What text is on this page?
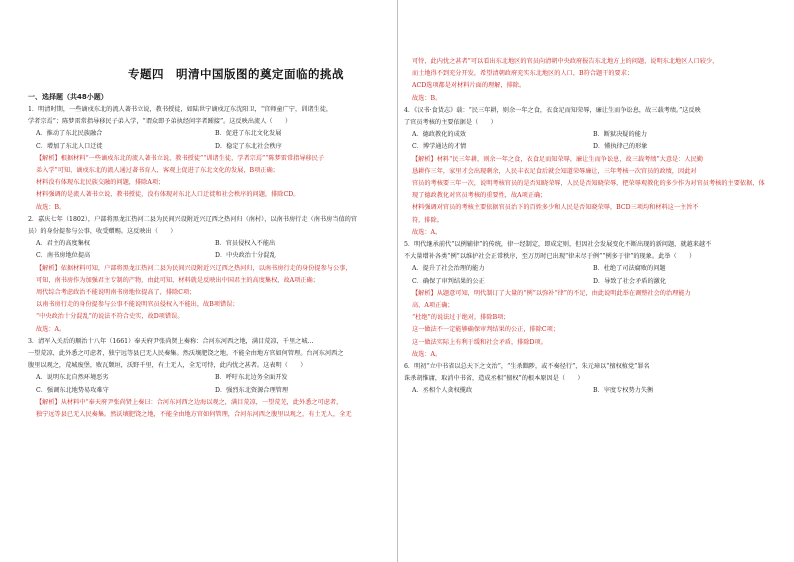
专题四　明清中国版图的奠定面临的挑战
一、选择题（共48小题）
1．明清时期，一些谪戍东北的流人著书立说，教书授徒，如陆世宁谪戍辽东沈阳卫，“宫师童广宁，训诸生徒，
学者宗焉”；陈梦雷常指导移民子弟入学，“谓众即予弟执经问字者踵接”。这反映出流人（　　）
A．推动了东北民族融合	B．促进了东北文化发展
C．增加了东北人口迁徙	D．稳定了东北社会秩序
【解析】根据材料“一些谪戍东北的流人著书立说，教书授徒”“训诸生徒，学者宗焉”“陈梦雷常指导移民子
弟入学”可知，谪戍东北的流人通过著书育人，客观上促进了东北文化的发展，B项正确；
材料没有体现东北民族交融的问题，排除A项；
材料强调的是流人著书立说、教书授徒，没有体现对东北人口迁徙和社会秩序的问题，排除CD。
故选：B。
2．嘉庆七年（1802），户部将黑龙江热河二县为民间兴设附近兴辽西之热河归（南村），以南书房行走（南书房当值的官
员）的身份提参与公事，收受赠赐。这反映出（　　）
A．君主的高度集权	B．官员侵权入不能出
C．南书房地位提高	D．中央政治十分混乱
【解析】依据材料可知，户部将黑龙江热河二县为民间兴设附近兴辽西之热河归，以南书房行走的身份提参与公事，
可知，南书房作为加强君主专制的产物，由此可知，材料就是反映出中国君主的高度集权，故A项正确；
周代综合考虑政治不能说明南书房地位提高了，排除C项；
以南书房行走的身份提参与公事不能说明官员侵权入不能出，故B项错误；
“中央政治十分混乱”的说法不符合史实，故D项错误。
故选：A。
3．清军入关后的顺治十八年（1661）奉天府尹张尚贤上奏称：合河东河西之地，满目荒凉，千里之城...
一望荒凉，此外悉之可虑者，独宁远等县已无人民奏集。然沃壤肥饶之地，不能全由地方官如何管理。台河东河西之
腹里以观之，荒城废堡，败瓦颓垣，沃野千里，有土无人，全无可恃，此内忧之甚者。这表明（　　）
A．说明东北自然环境恶劣	B．呼吁东北边务全面开发
C．强调东北地势易攻难守	D．强烈东北资源合理管理
【解析】从材料中“奉天府尹张尚贤上奏曰：合河东河西之边海以观之，满目荒凉，一望荒芜，此外悉之可虑者，
独宁远等县已无人民奏集。然沃壤肥饶之地，不能全由地方官如何管理，合河东河西之腹里以观之，有土无人，全无
可恃，此内忧之甚者”可以看出东北地区的官员向清朝中央政府报告东北地方上的问题，说明东北地区人口较少，
而土地得不到充分开发，希望清朝政府充实东北地区的人口，B符合题干的要求；
ACD选项都是对材料片面的理解，排除。
故选：B。
4．《汉书·食货志》载：“民三年耕，则余一年之食，衣食足而知荣辱，廉让生而争讼息，故三载考绩。”这反映
了官员考核的主要依据是（　　）
A．德政教化的成效	B．断狱决疑的能力
C．博学通达的才情	D．懂执律己的形象
【解析】材料“民三年耕，则余一年之食，衣食足而知荣辱，廉让生而争讼息，故三载考绩”大意是：人民勤
恳耕作三年，家里才会出现剩余，人民丰衣足食后就会知道荣辱廉让，三年考核一次官员的政绩，因此对
官员的考核要三年一次，说明考核官员的是否知晓荣辱，人民是否知晓荣辱，把荣辱观教化的多少作为对官员考核的主要依据，体
现了德政教化对官员考核的重要性，故A项正确；
材料强调对官员的考核主要依据官员治下的百姓多少和人民是否知晓荣辱，BCD三项均和材料这一主旨不
符，排除。
故选：A。
5．明代继承前代“以例辅律”的传统，律一经制定，即成定则，但因社会发展变化不断出现的新问题，就越来越不
不大量增补各类“例”以维护社会正常秩序，至万历时已出现“律未尽于例”“例多于律”的现象。此举（　　）
A．提升了社会治理的能力	B．杜绝了司法腐败的问题
C．确保了审判结果的公正	D．导致了社会矛盾的激化
【解析】从题意可知，明代制订了大量的“例”以弥补“律”的不足，由此说明此举在调整社会的治理能力
高，A项正确；
“杜绝”的说法过于绝对，排除B项；
这一做法不一定能够确保审判结果的公正，排除C项；
这一做法实际上有利于缓和社会矛盾，排除D项。
故选：A。
6．明初“立中书省以总天下之文治”，“生杀黜陟，或不奏径行”，朱元璋以“擅权植党”罪名
诛杀胡惟庸，取消中书省，造成丞相“擅权”的根本原因是（　　）
A．丞相个人贪权揽政	B．宰度专权势力失衡
